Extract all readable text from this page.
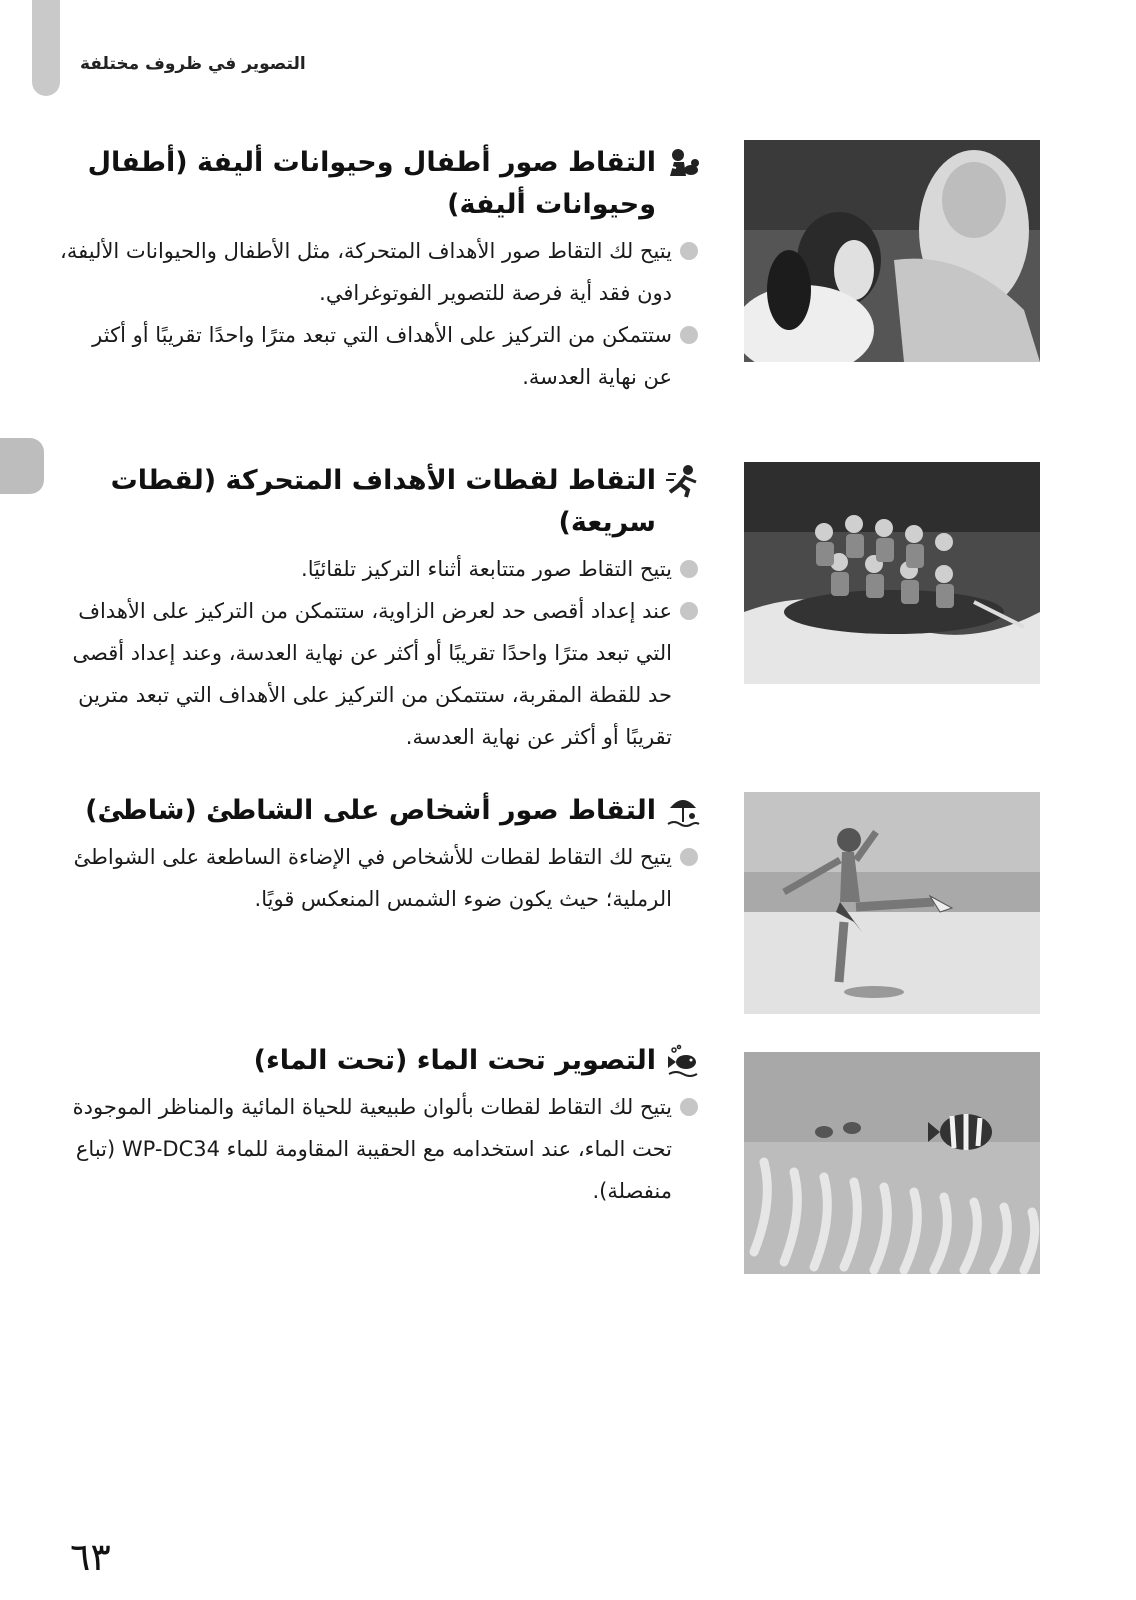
التصوير في ظروف مختلفة
التقاط صور أطفال وحيوانات أليفة (أطفال وحيوانات أليفة)
يتيح لك التقاط صور الأهداف المتحركة، مثل الأطفال والحيوانات الأليفة، دون فقد أية فرصة للتصوير الفوتوغرافي.
ستتمكن من التركيز على الأهداف التي تبعد مترًا واحدًا تقريبًا أو أكثر عن نهاية العدسة.
التقاط لقطات الأهداف المتحركة (لقطات سريعة)
يتيح التقاط صور متتابعة أثناء التركيز تلقائيًا.
عند إعداد أقصى حد لعرض الزاوية، ستتمكن من التركيز على الأهداف التي تبعد مترًا واحدًا تقريبًا أو أكثر عن نهاية العدسة، وعند إعداد أقصى حد للقطة المقربة، ستتمكن من التركيز على الأهداف التي تبعد مترين تقريبًا أو أكثر عن نهاية العدسة.
التقاط صور أشخاص على الشاطئ (شاطئ)
يتيح لك التقاط لقطات للأشخاص في الإضاءة الساطعة على الشواطئ الرملية؛ حيث يكون ضوء الشمس المنعكس قويًا.
التصوير تحت الماء (تحت الماء)
يتيح لك التقاط لقطات بألوان طبيعية للحياة المائية والمناظر الموجودة تحت الماء، عند استخدامه مع الحقيبة المقاومة للماء WP-DC34 (تباع منفصلة).
٦٣
